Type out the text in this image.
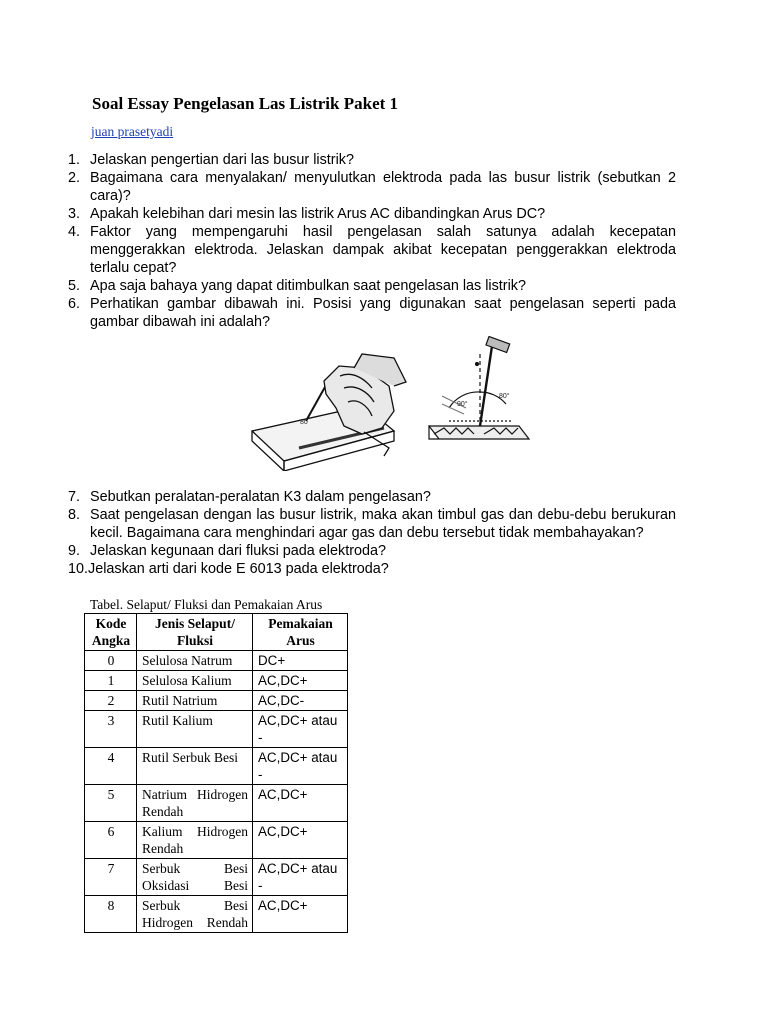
Soal Essay Pengelasan Las Listrik Paket 1
juan prasetyadi
1. Jelaskan pengertian dari las busur listrik?
2. Bagaimana cara menyalakan/ menyulutkan elektroda pada las busur listrik (sebutkan 2 cara)?
3. Apakah kelebihan dari mesin las listrik Arus AC dibandingkan Arus DC?
4. Faktor yang mempengaruhi hasil pengelasan salah satunya adalah kecepatan menggerakkan elektroda. Jelaskan dampak akibat kecepatan penggerakkan elektroda terlalu cepat?
5. Apa saja bahaya yang dapat ditimbulkan saat pengelasan las listrik?
6. Perhatikan gambar dibawah ini. Posisi yang digunakan saat pengelasan seperti pada gambar dibawah ini adalah?
80
90°
80°
7. Sebutkan peralatan-peralatan K3 dalam pengelasan?
8. Saat pengelasan dengan las busur listrik, maka akan timbul gas dan debu-debu berukuran kecil. Bagaimana cara menghindari agar gas dan debu tersebut tidak membahayakan?
9. Jelaskan kegunaan dari fluksi pada elektroda?
10. Jelaskan arti dari kode E 6013 pada elektroda?
Tabel. Selaput/ Fluksi dan Pemakaian Arus
Kode Angka	Jenis Selaput/ Fluksi	Pemakaian Arus
0	Selulosa Natrum	DC+
1	Selulosa Kalium	AC,DC+
2	Rutil Natrium	AC,DC-
3	Rutil Kalium	AC,DC+ atau -
4	Rutil Serbuk Besi	AC,DC+ atau -
5	Natrium Hidrogen Rendah	AC,DC+
6	Kalium Hidrogen Rendah	AC,DC+
7	Serbuk Besi Oksidasi Besi	AC,DC+ atau -
8	Serbuk Besi Hidrogen Rendah	AC,DC+
